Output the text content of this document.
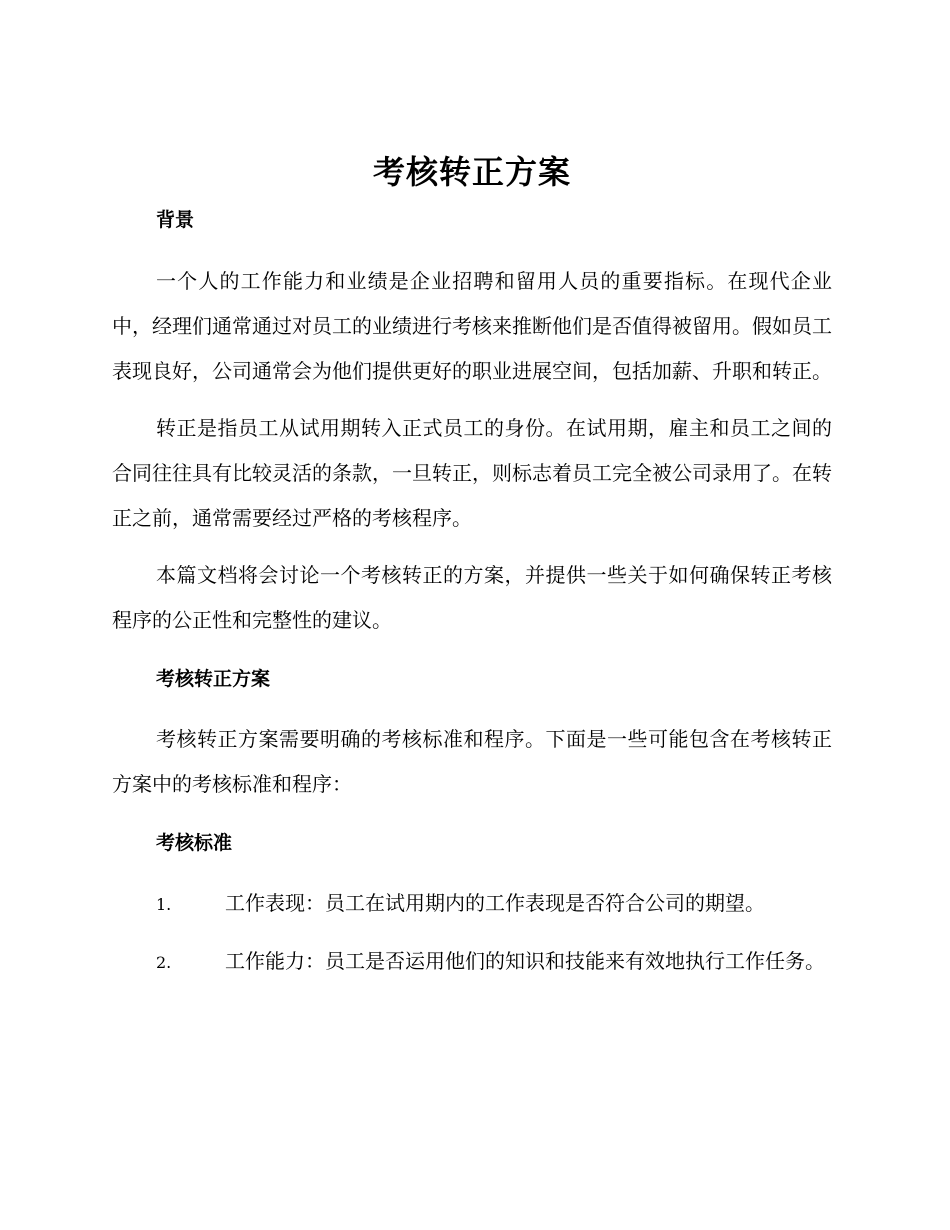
考核转正方案
背景

一个人的工作能力和业绩是企业招聘和留用人员的重要指标。在现代企业中，经理们通常通过对员工的业绩进行考核来推断他们是否值得被留用。假如员工表现良好，公司通常会为他们提供更好的职业进展空间，包括加薪、升职和转正。

转正是指员工从试用期转入正式员工的身份。在试用期，雇主和员工之间的合同往往具有比较灵活的条款，一旦转正，则标志着员工完全被公司录用了。在转正之前，通常需要经过严格的考核程序。

本篇文档将会讨论一个考核转正的方案，并提供一些关于如何确保转正考核程序的公正性和完整性的建议。

考核转正方案

考核转正方案需要明确的考核标准和程序。下面是一些可能包含在考核转正方案中的考核标准和程序：

考核标准

1.	工作表现：员工在试用期内的工作表现是否符合公司的期望。

2.	工作能力：员工是否运用他们的知识和技能来有效地执行工作任务。
